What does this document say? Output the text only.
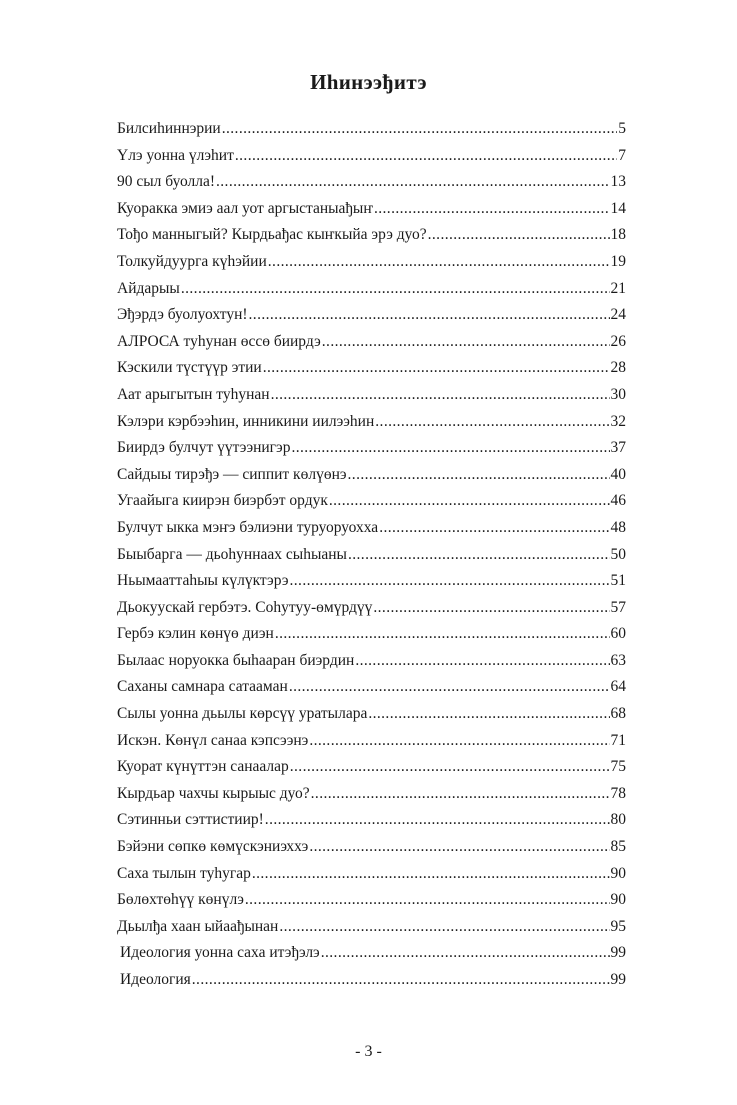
Иhинээђитэ
Билсиhиннэрии .....	5
Үлэ уонна үлэhит .....	7
90 сыл буолла! .....	13
Куоракка эмиэ аал уот аргыстаныађыҥ .....	14
Тођо манныгый? Кырдьађас кыҥкыйа эрэ дуо? .....	18
Толкуйдуурга күhэйии .....	19
Айдарыы .....	21
Эђэрдэ буолуохтун! .....	24
АЛРОСА туhунан өссө биирдэ .....	26
Кэскили түстүүр этии .....	28
Аат арыгытын туhунан .....	30
Кэлэри кэрбээhин, инникини иилээhин .....	32
Биирдэ булчут үүтээнигэр .....	37
Сайдыы тирэђэ — сиппит көлүөнэ .....	40
Угаайыга киирэн биэрбэт ордук .....	46
Булчут ыкка мэҥэ бэлиэни туруоруохха .....	48
Быыбарга — дьоhуннаах сыhыаны .....	50
Ньымааттаhыы күлүктэрэ .....	51
Дьокуускай гербэтэ. Соhутуу-өмүрдүү .....	57
Гербэ кэлин көнүө диэн .....	60
Былаас норуокка быhааран биэрдин .....	63
Саханы самнара сатааман .....	64
Сылы уонна дьылы көрсүү уратылара .....	68
Искэн. Көнүл санаа кэпсээнэ .....	71
Куорат күнүттэн санаалар .....	75
Кырдьар чахчы кырыыс дуо? .....	78
Сэтинньи сэттистиир! .....	80
Бэйэни сөпкө көмүскэниэххэ .....	85
Саха тылын туhугар .....	90
Бөлөхтөhүү көнүлэ .....	90
Дьылђа хаан ыйаађынан .....	95
Идеология уонна саха итэђэлэ .....	99
Идеология .....	99
- 3 -
